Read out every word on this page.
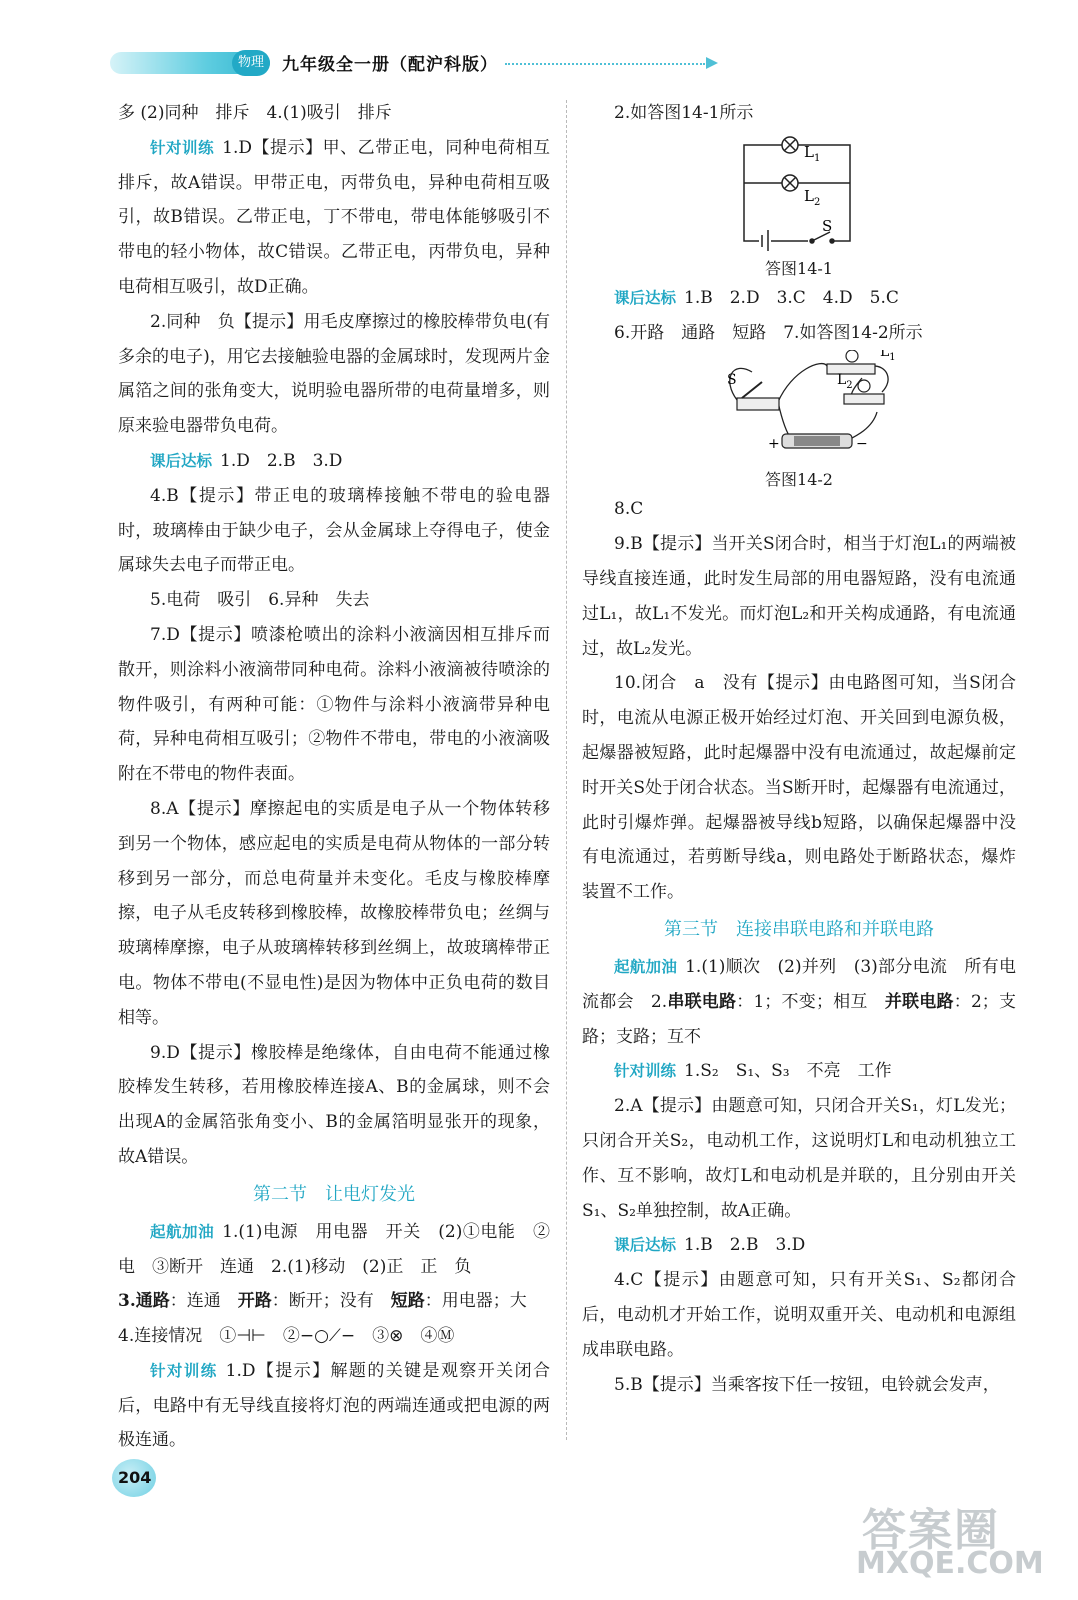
物理	九年级全一册（配沪科版）

多 (2)同种　排斥　4.(1)吸引　排斥

针对训练 1.D【提示】甲、乙带正电，同种电荷相互排斥，故A错误。甲带正电，丙带负电，异种电荷相互吸引，故B错误。乙带正电，丁不带电，带电体能够吸引不带电的轻小物体，故C错误。乙带正电，丙带负电，异种电荷相互吸引，故D正确。

2.同种　负【提示】用毛皮摩擦过的橡胶棒带负电(有多余的电子)，用它去接触验电器的金属球时，发现两片金属箔之间的张角变大，说明验电器所带的电荷量增多，则原来验电器带负电荷。

课后达标 1.D　2.B　3.D

4.B【提示】带正电的玻璃棒接触不带电的验电器时，玻璃棒由于缺少电子，会从金属球上夺得电子，使金属球失去电子而带正电。

5.电荷　吸引　6.异种　失去

7.D【提示】喷漆枪喷出的涂料小液滴因相互排斥而散开，则涂料小液滴带同种电荷。涂料小液滴被待喷涂的物件吸引，有两种可能：①物件与涂料小液滴带异种电荷，异种电荷相互吸引；②物件不带电，带电的小液滴吸附在不带电的物件表面。

8.A【提示】摩擦起电的实质是电子从一个物体转移到另一个物体，感应起电的实质是电荷从物体的一部分转移到另一部分，而总电荷量并未变化。毛皮与橡胶棒摩擦，电子从毛皮转移到橡胶棒，故橡胶棒带负电；丝绸与玻璃棒摩擦，电子从玻璃棒转移到丝绸上，故玻璃棒带正电。物体不带电(不显电性)是因为物体中正负电荷的数目相等。

9.D【提示】橡胶棒是绝缘体，自由电荷不能通过橡胶棒发生转移，若用橡胶棒连接A、B的金属球，则不会出现A的金属箔张角变小、B的金属箔明显张开的现象，故A错误。

第二节　让电灯发光

起航加油 1.(1)电源　用电器　开关　(2)①电能　②电　③断开　连通　2.(1)移动　(2)正　正　负

3.通路：连通　开路：断开；没有　短路：用电器；大

4.连接情况　①⊣⊢　②−○⟋−　③⊗　④Ⓜ

针对训练 1.D【提示】解题的关键是观察开关闭合后，电路中有无导线直接将灯泡的两端连通或把电源的两极连通。

2.如答图14-1所示

$L_1$
$L_2$
S
答图14-1

课后达标 1.B　2.D　3.C　4.D　5.C

6.开路　通路　短路　7.如答图14-2所示

$L_1$
$L_2$
S
+	−
答图14-2

8.C

9.B【提示】当开关S闭合时，相当于灯泡L₁的两端被导线直接连通，此时发生局部的用电器短路，没有电流通过L₁，故L₁不发光。而灯泡L₂和开关构成通路，有电流通过，故L₂发光。

10.闭合　a　没有【提示】由电路图可知，当S闭合时，电流从电源正极开始经过灯泡、开关回到电源负极，起爆器被短路，此时起爆器中没有电流通过，故起爆前定时开关S处于闭合状态。当S断开时，起爆器有电流通过，此时引爆炸弹。起爆器被导线b短路，以确保起爆器中没有电流通过，若剪断导线a，则电路处于断路状态，爆炸装置不工作。

第三节　连接串联电路和并联电路

起航加油 1.(1)顺次　(2)并列　(3)部分电流　所有电流都会　2.串联电路：1；不变；相互　并联电路：2；支路；支路；互不

针对训练 1.S₂　S₁、S₃　不亮　工作

2.A【提示】由题意可知，只闭合开关S₁，灯L发光；只闭合开关S₂，电动机工作，这说明灯L和电动机独立工作、互不影响，故灯L和电动机是并联的，且分别由开关S₁、S₂单独控制，故A正确。

课后达标 1.B　2.B　3.D

4.C【提示】由题意可知，只有开关S₁、S₂都闭合后，电动机才开始工作，说明双重开关、电动机和电源组成串联电路。

5.B【提示】当乘客按下任一按钮，电铃就会发声，

204
答案圈
MXQE.COM
